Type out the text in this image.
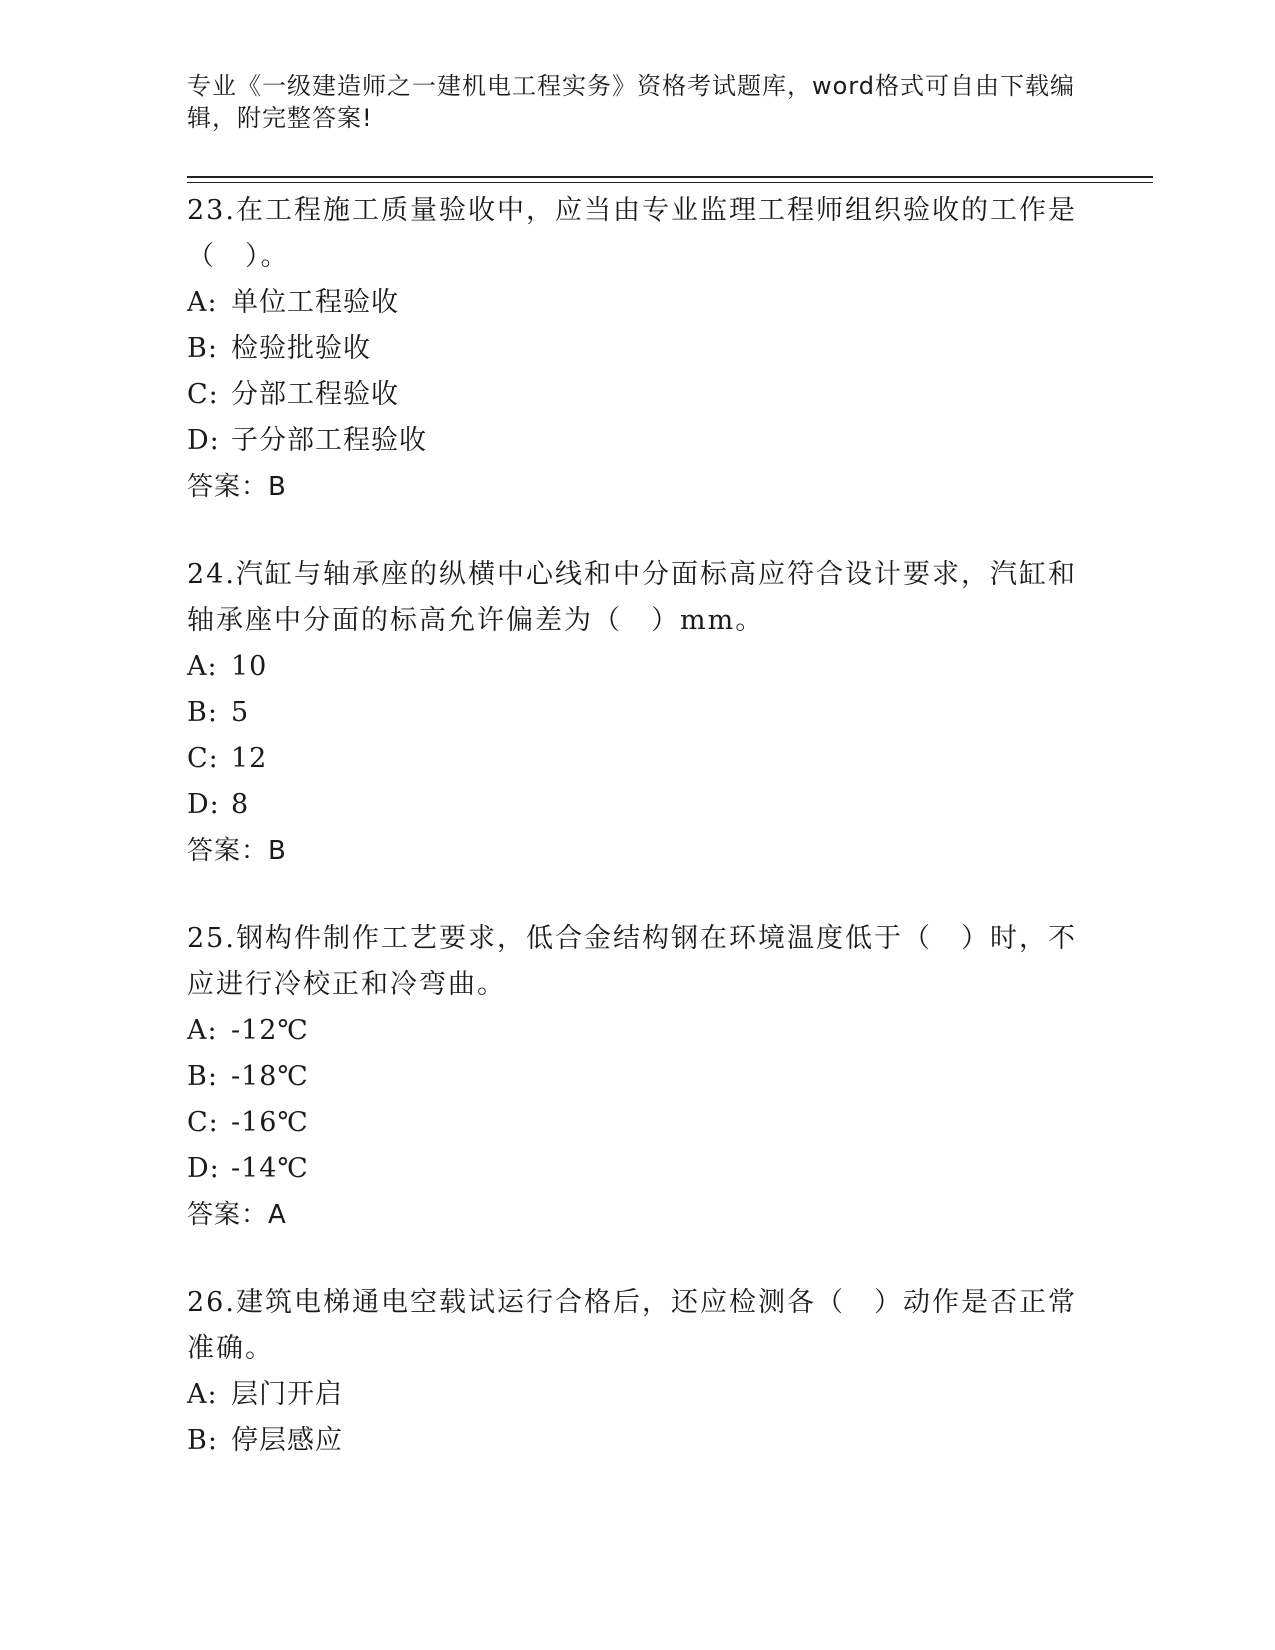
专业《一级建造师之一建机电工程实务》资格考试题库，word格式可自由下载编
辑，附完整答案!

23.在工程施工质量验收中，应当由专业监理工程师组织验收的工作是（　）。

A: 单位工程验收

B: 检验批验收

C: 分部工程验收

D: 子分部工程验收

答案：B

24.汽缸与轴承座的纵横中心线和中分面标高应符合设计要求，汽缸和轴承座中分面的标高允许偏差为（　）mm。

A: 10

B: 5

C: 12

D: 8

答案：B

25.钢构件制作工艺要求，低合金结构钢在环境温度低于（　）时，不应进行冷校正和冷弯曲。

A: -12℃

B: -18℃

C: -16℃

D: -14℃

答案：A

26.建筑电梯通电空载试运行合格后，还应检测各（　）动作是否正常准确。

A: 层门开启

B: 停层感应
